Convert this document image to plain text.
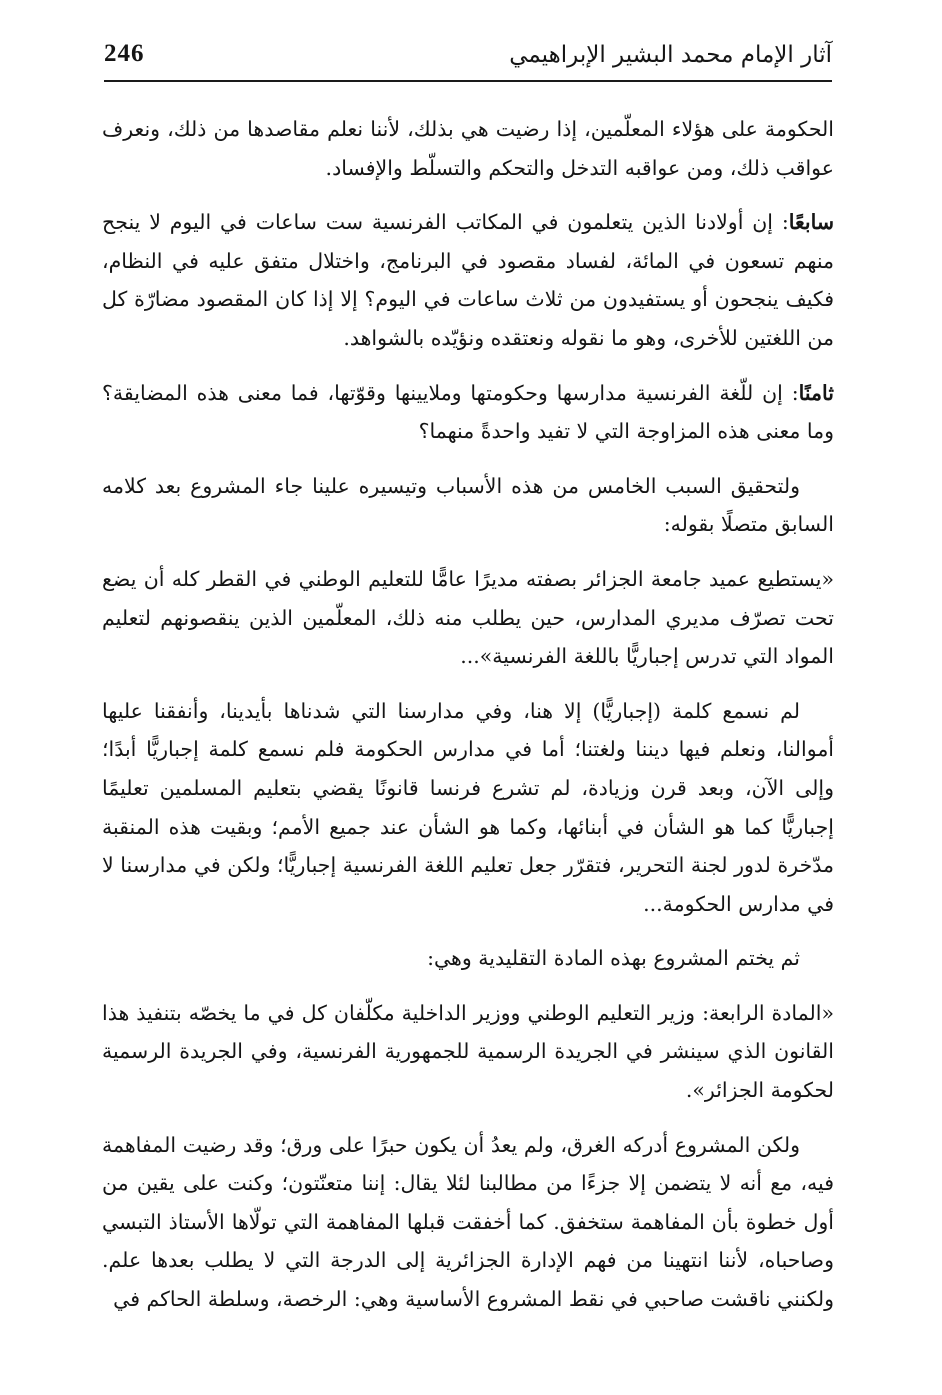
246	آثار الإمام محمد البشير الإبراهيمي

الحكومة على هؤلاء المعلّمين، إذا رضيت هي بذلك، لأننا نعلم مقاصدها من ذلك، ونعرف عواقب ذلك، ومن عواقبه التدخل والتحكم والتسلّط والإفساد.

سابعًا: إن أولادنا الذين يتعلمون في المكاتب الفرنسية ست ساعات في اليوم لا ينجح منهم تسعون في المائة، لفساد مقصود في البرنامج، واختلال متفق عليه في النظام، فكيف ينجحون أو يستفيدون من ثلاث ساعات في اليوم؟ إلا إذا كان المقصود مضارّة كل من اللغتين للأخرى، وهو ما نقوله ونعتقده ونؤيّده بالشواهد.

ثامنًا: إن للّغة الفرنسية مدارسها وحكومتها وملايينها وقوّتها، فما معنى هذه المضايقة؟ وما معنى هذه المزاوجة التي لا تفيد واحدةً منهما؟

ولتحقيق السبب الخامس من هذه الأسباب وتيسيره علينا جاء المشروع بعد كلامه السابق متصلًا بقوله:

«يستطيع عميد جامعة الجزائر بصفته مديرًا عامًّا للتعليم الوطني في القطر كله أن يضع تحت تصرّف مديري المدارس، حين يطلب منه ذلك، المعلّمين الذين ينقصونهم لتعليم المواد التي تدرس إجباريًّا باللغة الفرنسية»...

لم نسمع كلمة (إجباريًّا) إلا هنا، وفي مدارسنا التي شدناها بأيدينا، وأنفقنا عليها أموالنا، ونعلم فيها ديننا ولغتنا؛ أما في مدارس الحكومة فلم نسمع كلمة إجباريًّا أبدًا؛ وإلى الآن، وبعد قرن وزيادة، لم تشرع فرنسا قانونًا يقضي بتعليم المسلمين تعليمًا إجباريًّا كما هو الشأن في أبنائها، وكما هو الشأن عند جميع الأمم؛ وبقيت هذه المنقبة مدّخرة لدور لجنة التحرير، فتقرّر جعل تعليم اللغة الفرنسية إجباريًّا؛ ولكن في مدارسنا لا في مدارس الحكومة...

ثم يختم المشروع بهذه المادة التقليدية وهي:

«المادة الرابعة: وزير التعليم الوطني ووزير الداخلية مكلّفان كل في ما يخصّه بتنفيذ هذا القانون الذي سينشر في الجريدة الرسمية للجمهورية الفرنسية، وفي الجريدة الرسمية لحكومة الجزائر».

ولكن المشروع أدركه الغرق، ولم يعدُ أن يكون حبرًا على ورق؛ وقد رضيت المفاهمة فيه، مع أنه لا يتضمن إلا جزءًا من مطالبنا لئلا يقال: إننا متعنّتون؛ وكنت على يقين من أول خطوة بأن المفاهمة ستخفق. كما أخفقت قبلها المفاهمة التي تولّاها الأستاذ التبسي وصاحباه، لأننا انتهينا من فهم الإدارة الجزائرية إلى الدرجة التي لا يطلب بعدها علم. ولكنني ناقشت صاحبي في نقط المشروع الأساسية وهي: الرخصة، وسلطة الحاكم في
